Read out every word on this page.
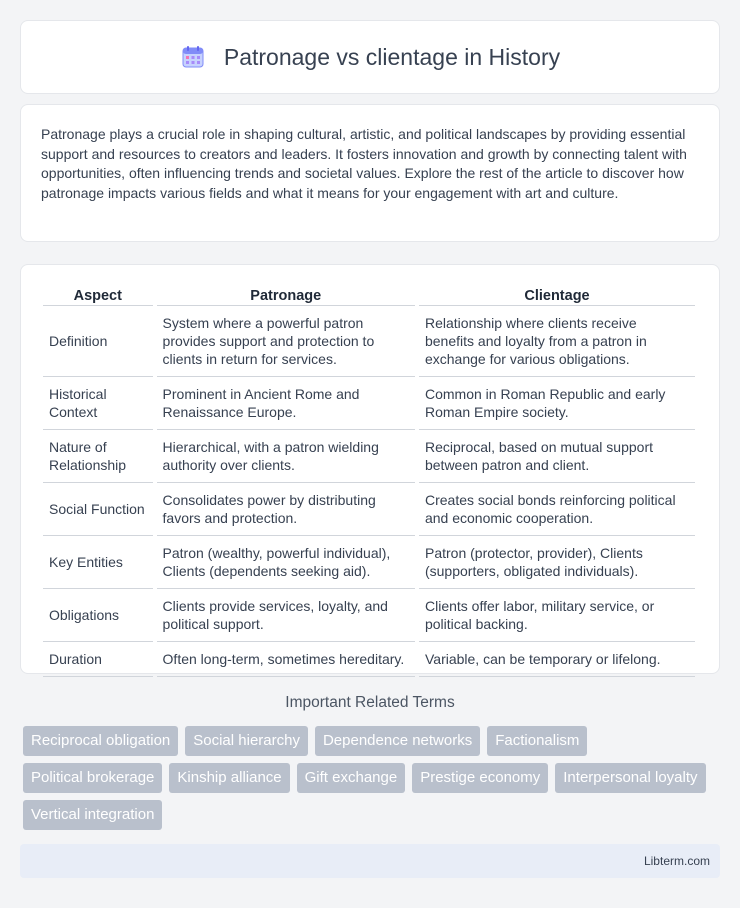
Patronage vs clientage in History

Patronage plays a crucial role in shaping cultural, artistic, and political landscapes by providing essential support and resources to creators and leaders. It fosters innovation and growth by connecting talent with opportunities, often influencing trends and societal values. Explore the rest of the article to discover how patronage impacts various fields and what it means for your engagement with art and culture.

Aspect	Patronage	Clientage
Definition	System where a powerful patron provides support and protection to clients in return for services.	Relationship where clients receive benefits and loyalty from a patron in exchange for various obligations.
Historical Context	Prominent in Ancient Rome and Renaissance Europe.	Common in Roman Republic and early Roman Empire society.
Nature of Relationship	Hierarchical, with a patron wielding authority over clients.	Reciprocal, based on mutual support between patron and client.
Social Function	Consolidates power by distributing favors and protection.	Creates social bonds reinforcing political and economic cooperation.
Key Entities	Patron (wealthy, powerful individual), Clients (dependents seeking aid).	Patron (protector, provider), Clients (supporters, obligated individuals).
Obligations	Clients provide services, loyalty, and political support.	Clients offer labor, military service, or political backing.
Duration	Often long-term, sometimes hereditary.	Variable, can be temporary or lifelong.
Important Related Terms
Reciprocal obligation	Social hierarchy	Dependence networks	Factionalism
Political brokerage	Kinship alliance	Gift exchange	Prestige economy	Interpersonal loyalty
Vertical integration
Libterm.com
